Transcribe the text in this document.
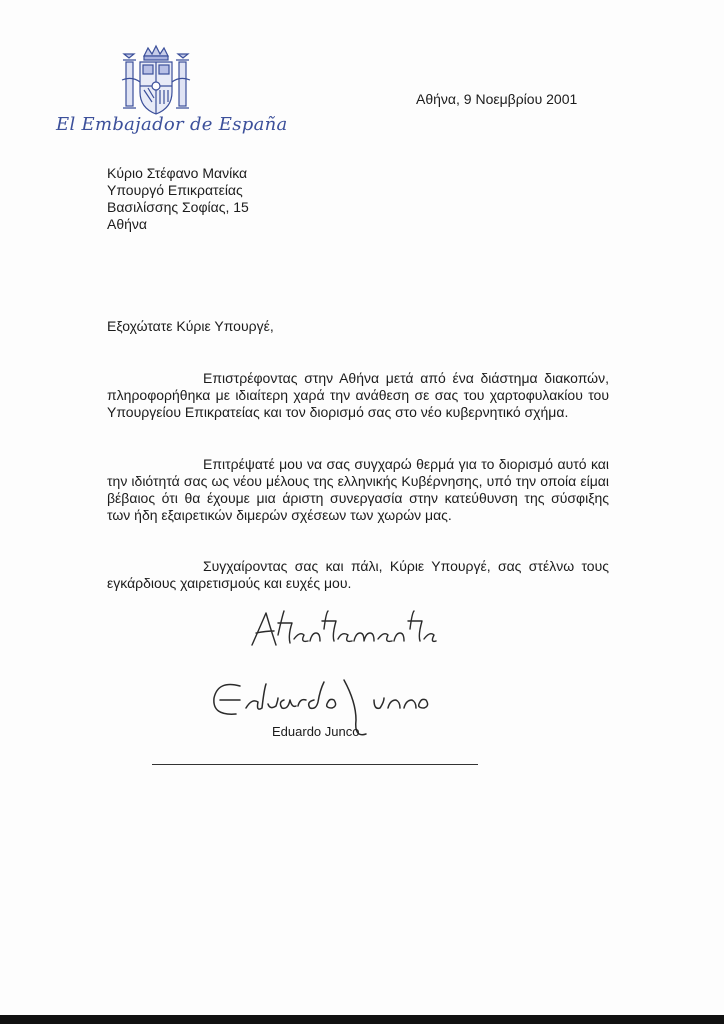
El Embajador de España
Αθήνα, 9 Νοεμβρίου 2001
Κύριο Στέφανο Μανίκα
Υπουργό Επικρατείας
Βασιλίσσης Σοφίας, 15
Αθήνα
Εξοχώτατε Κύριε Υπουργέ,

Επιστρέφοντας στην Αθήνα μετά από ένα διάστημα διακοπών, πληροφορήθηκα με ιδιαίτερη χαρά την ανάθεση σε σας του χαρτοφυλακίου του Υπουργείου Επικρατείας και τον διορισμό σας στο νέο κυβερνητικό σχήμα.

Επιτρέψατέ μου να σας συγχαρώ θερμά για το διορισμό αυτό και την ιδιότητά σας ως νέου μέλους της ελληνικής Κυβέρνησης, υπό την οποία είμαι βέβαιος ότι θα έχουμε μια άριστη συνεργασία στην κατεύθυνση της σύσφιξης των ήδη εξαιρετικών διμερών σχέσεων των χωρών μας.

Συγχαίροντας σας και πάλι, Κύριε Υπουργέ, σας στέλνω τους εγκάρδιους χαιρετισμούς και ευχές μου.

Eduardo Junco
